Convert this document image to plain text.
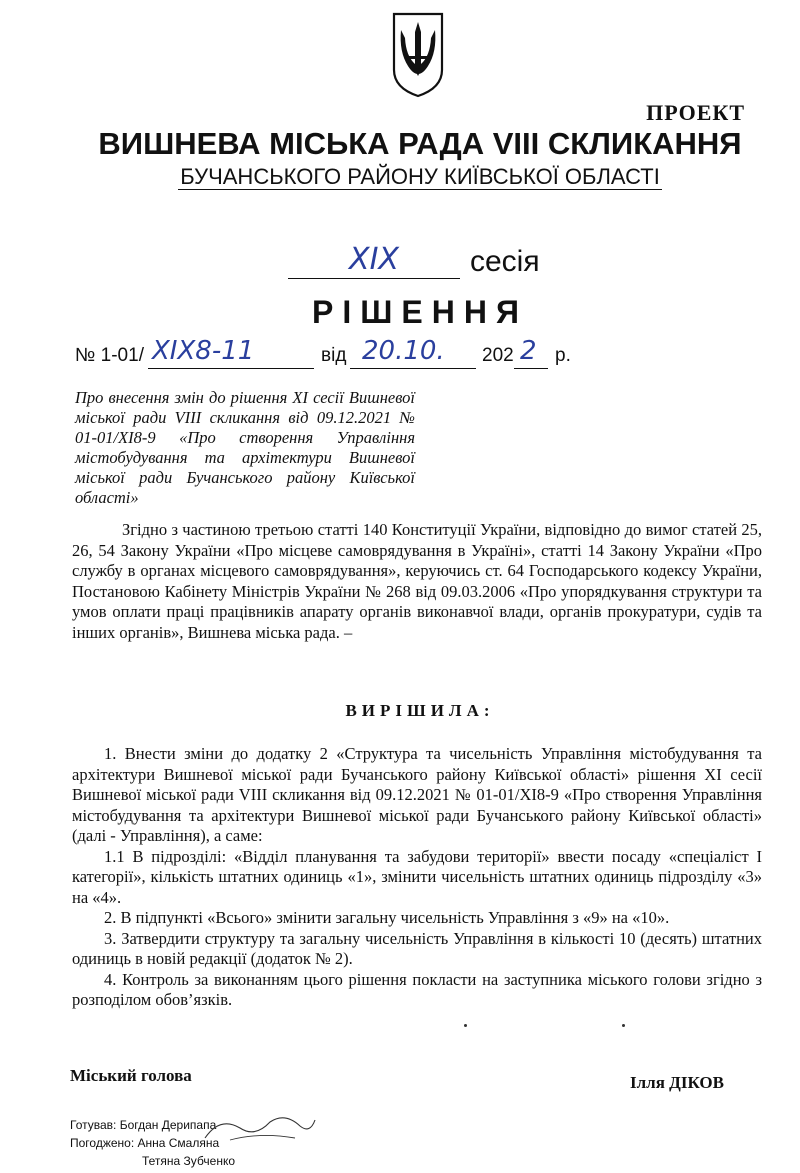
ПРОЕКТ
ВИШНЕВА МІСЬКА РАДА VIII СКЛИКАННЯ
БУЧАНСЬКОГО РАЙОНУ КИЇВСЬКОЇ ОБЛАСТІ
XIX	сесія
РІШЕННЯ
№ 1-01/ XIX8-11	від 20.10. 202 2 р.
Про внесення змін до рішення XI сесії Вишневої міської ради VIII скликання від 09.12.2021 № 01-01/ХІ8-9 «Про створення Управління містобудування та архітектури Вишневої міської ради Бучанського району Київської області»
Згідно з частиною третьою статті 140 Конституції України, відповідно до вимог статей 25, 26, 54 Закону України «Про місцеве самоврядування в Україні», статті 14 Закону України «Про службу в органах місцевого самоврядування», керуючись ст. 64 Господарського кодексу України, Постановою Кабінету Міністрів України № 268 від 09.03.2006 «Про упорядкування структури та умов оплати праці працівників апарату органів виконавчої влади, органів прокуратури, судів та інших органів», Вишнева міська рада. –
ВИРІШИЛА:

1. Внести зміни до додатку 2 «Структура та чисельність Управління містобудування та архітектури Вишневої міської ради Бучанського району Київської області» рішення XI сесії Вишневої міської ради VIII скликання від 09.12.2021 № 01-01/ХІ8-9 «Про створення Управління містобудування та архітектури Вишневої міської ради Бучанського району Київської області» (далі - Управління), а саме:

1.1 В підрозділі: «Відділ планування та забудови території» ввести посаду «спеціаліст І категорії», кількість штатних одиниць «1», змінити чисельність штатних одиниць підрозділу «3» на «4».

2. В підпункті «Всього» змінити загальну чисельність Управління з «9» на «10».

3. Затвердити структуру та загальну чисельність Управління в кількості 10 (десять) штатних одиниць в новій редакції (додаток № 2).

4. Контроль за виконанням цього рішення покласти на заступника міського голови згідно з розподілом обов’язків.

Міський голова	Ілля ДІКОВ
Готував: Богдан Дерипапа
Погоджено: Анна Смаляна
Тетяна Зубченко
